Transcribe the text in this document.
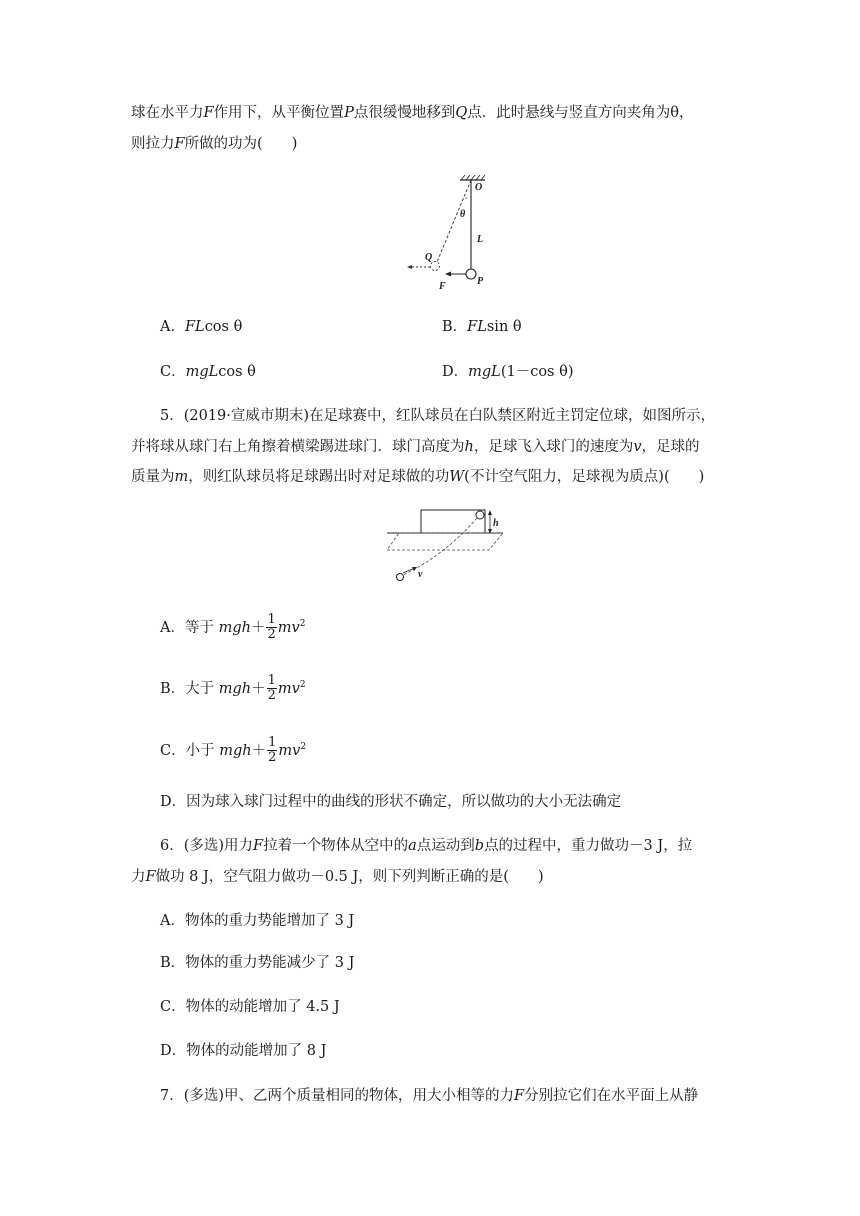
球在水平力F作用下，从平衡位置P点很缓慢地移到Q点．此时悬线与竖直方向夹角为θ，
则拉力F所做的功为(　　)
O
θ
L
Q
P
F
A．FLcos θ	B．FLsin θ
C．mgLcos θ	D．mgL(1－cos θ)
5．(2019·宣威市期末)在足球赛中，红队球员在白队禁区附近主罚定位球，如图所示，
并将球从球门右上角擦着横梁踢进球门．球门高度为h，足球飞入球门的速度为v，足球的
质量为m，则红队球员将足球踢出时对足球做的功W(不计空气阻力，足球视为质点)(　　)
h
v
A．等于 $mgh+ \frac{1}{2} mv^2$
B．大于 $mgh+ \frac{1}{2} mv^2$
C．小于 $mgh+ \frac{1}{2} mv^2$
D．因为球入球门过程中的曲线的形状不确定，所以做功的大小无法确定
6．(多选)用力F拉着一个物体从空中的a点运动到b点的过程中，重力做功－3 J，拉
力F做功 8 J，空气阻力做功－0.5 J，则下列判断正确的是(　　)
A．物体的重力势能增加了 3 J
B．物体的重力势能减少了 3 J
C．物体的动能增加了 4.5 J
D．物体的动能增加了 8 J
7．(多选)甲、乙两个质量相同的物体，用大小相等的力F分别拉它们在水平面上从静
